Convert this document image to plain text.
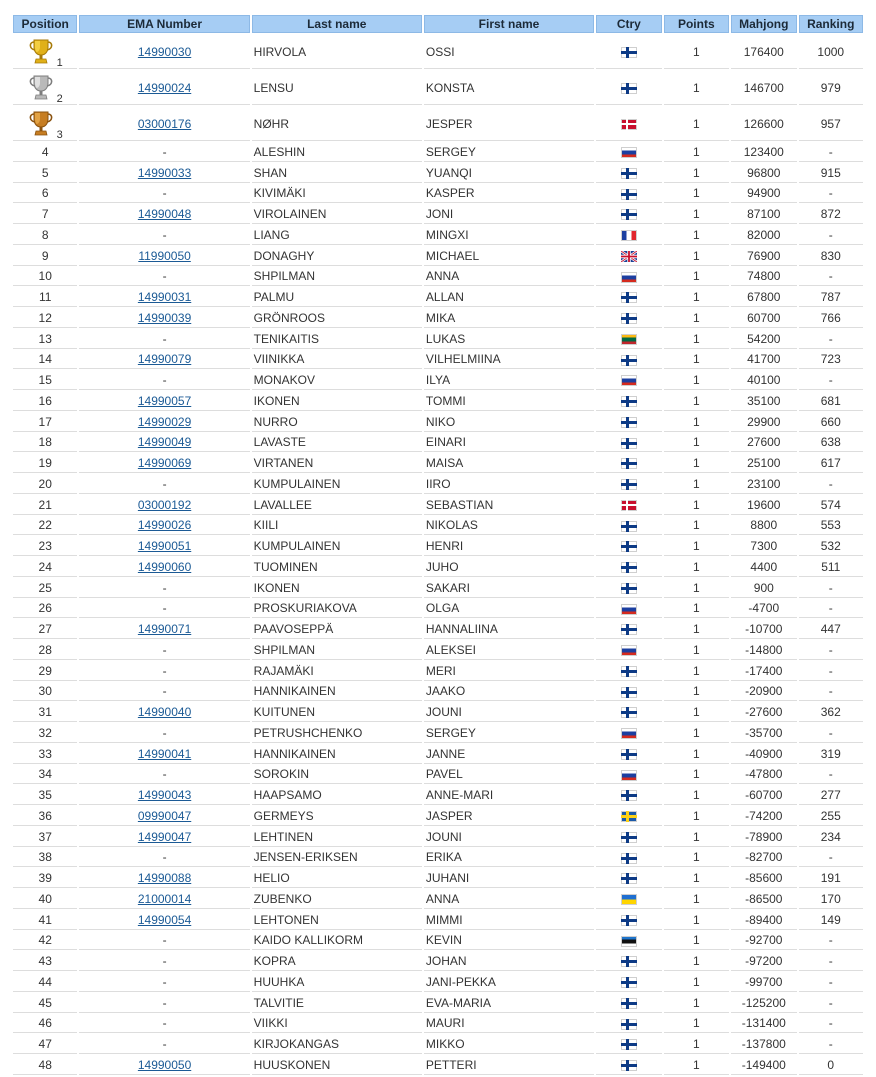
Position	EMA Number	Last name	First name	Ctry	Points	Mahjong	Ranking

1	14990030	HIRVOLA	OSSI		1	176400	1000

2	14990024	LENSU	KONSTA		1	146700	979

3	03000176	NØHR	JESPER		1	126600	957
4	-	ALESHIN	SERGEY		1	123400	-
5	14990033	SHAN	YUANQI		1	96800	915
6	-	KIVIMÄKI	KASPER		1	94900	-
7	14990048	VIROLAINEN	JONI		1	87100	872
8	-	LIANG	MINGXI		1	82000	-
9	11990050	DONAGHY	MICHAEL		1	76900	830
10	-	SHPILMAN	ANNA		1	74800	-
11	14990031	PALMU	ALLAN		1	67800	787
12	14990039	GRÖNROOS	MIKA		1	60700	766
13	-	TENIKAITIS	LUKAS		1	54200	-
14	14990079	VIINIKKA	VILHELMIINA		1	41700	723
15	-	MONAKOV	ILYA		1	40100	-
16	14990057	IKONEN	TOMMI		1	35100	681
17	14990029	NURRO	NIKO		1	29900	660
18	14990049	LAVASTE	EINARI		1	27600	638
19	14990069	VIRTANEN	MAISA		1	25100	617
20	-	KUMPULAINEN	IIRO		1	23100	-
21	03000192	LAVALLEE	SEBASTIAN		1	19600	574
22	14990026	KIILI	NIKOLAS		1	8800	553
23	14990051	KUMPULAINEN	HENRI		1	7300	532
24	14990060	TUOMINEN	JUHO		1	4400	511
25	-	IKONEN	SAKARI		1	900	-
26	-	PROSKURIAKOVA	OLGA		1	-4700	-
27	14990071	PAAVOSEPPÄ	HANNALIINA		1	-10700	447
28	-	SHPILMAN	ALEKSEI		1	-14800	-
29	-	RAJAMÄKI	MERI		1	-17400	-
30	-	HANNIKAINEN	JAAKO		1	-20900	-
31	14990040	KUITUNEN	JOUNI		1	-27600	362
32	-	PETRUSHCHENKO	SERGEY		1	-35700	-
33	14990041	HANNIKAINEN	JANNE		1	-40900	319
34	-	SOROKIN	PAVEL		1	-47800	-
35	14990043	HAAPSAMO	ANNE-MARI		1	-60700	277
36	09990047	GERMEYS	JASPER		1	-74200	255
37	14990047	LEHTINEN	JOUNI		1	-78900	234
38	-	JENSEN-ERIKSEN	ERIKA		1	-82700	-
39	14990088	HELIO	JUHANI		1	-85600	191
40	21000014	ZUBENKO	ANNA		1	-86500	170
41	14990054	LEHTONEN	MIMMI		1	-89400	149
42	-	KAIDO KALLIKORM	KEVIN		1	-92700	-
43	-	KOPRA	JOHAN		1	-97200	-
44	-	HUUHKA	JANI-PEKKA		1	-99700	-
45	-	TALVITIE	EVA-MARIA		1	-125200	-
46	-	VIIKKI	MAURI		1	-131400	-
47	-	KIRJOKANGAS	MIKKO		1	-137800	-
48	14990050	HUUSKONEN	PETTERI		1	-149400	0
